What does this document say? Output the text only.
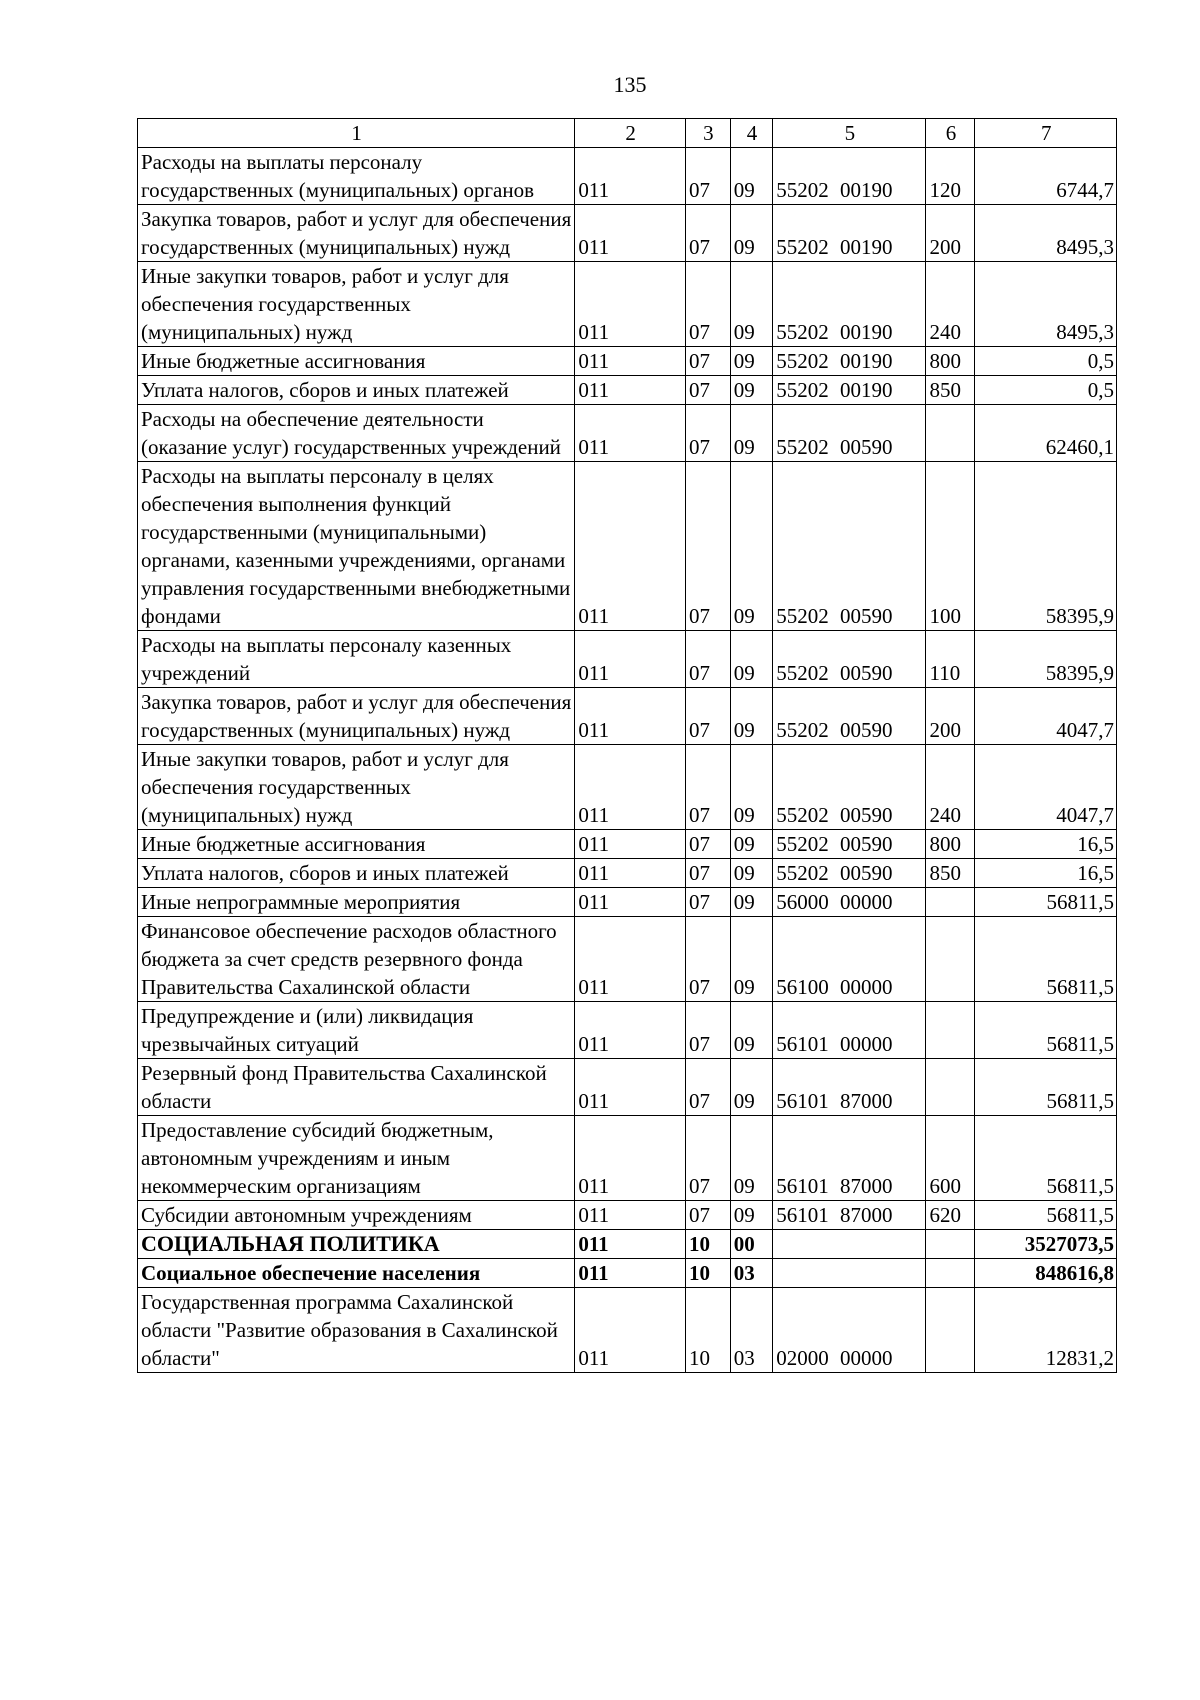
135
1	2	3	4	5	6	7
Расходы на выплаты персоналу государственных (муниципальных) органов	011	07	09	55202 00190	120	6744,7
Закупка товаров, работ и услуг для обеспечения государственных (муниципальных) нужд	011	07	09	55202 00190	200	8495,3
Иные закупки товаров, работ и услуг для обеспечения государственных (муниципальных) нужд	011	07	09	55202 00190	240	8495,3
Иные бюджетные ассигнования	011	07	09	55202 00190	800	0,5
Уплата налогов, сборов и иных платежей	011	07	09	55202 00190	850	0,5
Расходы на обеспечение деятельности (оказание услуг) государственных учреждений	011	07	09	55202 00590		62460,1
Расходы на выплаты персоналу в целях обеспечения выполнения функций государственными (муниципальными) органами, казенными учреждениями, органами управления государственными внебюджетными фондами	011	07	09	55202 00590	100	58395,9
Расходы на выплаты персоналу казенных учреждений	011	07	09	55202 00590	110	58395,9
Закупка товаров, работ и услуг для обеспечения государственных (муниципальных) нужд	011	07	09	55202 00590	200	4047,7
Иные закупки товаров, работ и услуг для обеспечения государственных (муниципальных) нужд	011	07	09	55202 00590	240	4047,7
Иные бюджетные ассигнования	011	07	09	55202 00590	800	16,5
Уплата налогов, сборов и иных платежей	011	07	09	55202 00590	850	16,5
Иные непрограммные мероприятия	011	07	09	56000 00000		56811,5
Финансовое обеспечение расходов областного бюджета за счет средств резервного фонда Правительства Сахалинской области	011	07	09	56100 00000		56811,5
Предупреждение и (или) ликвидация чрезвычайных ситуаций	011	07	09	56101 00000		56811,5
Резервный фонд Правительства Сахалинской области	011	07	09	56101 87000		56811,5
Предоставление субсидий бюджетным, автономным учреждениям и иным некоммерческим организациям	011	07	09	56101 87000	600	56811,5
Субсидии автономным учреждениям	011	07	09	56101 87000	620	56811,5
СОЦИАЛЬНАЯ ПОЛИТИКА	011	10	00			3527073,5
Социальное обеспечение населения	011	10	03			848616,8
Государственная программа Сахалинской области "Развитие образования в Сахалинской области"	011	10	03	02000 00000		12831,2
